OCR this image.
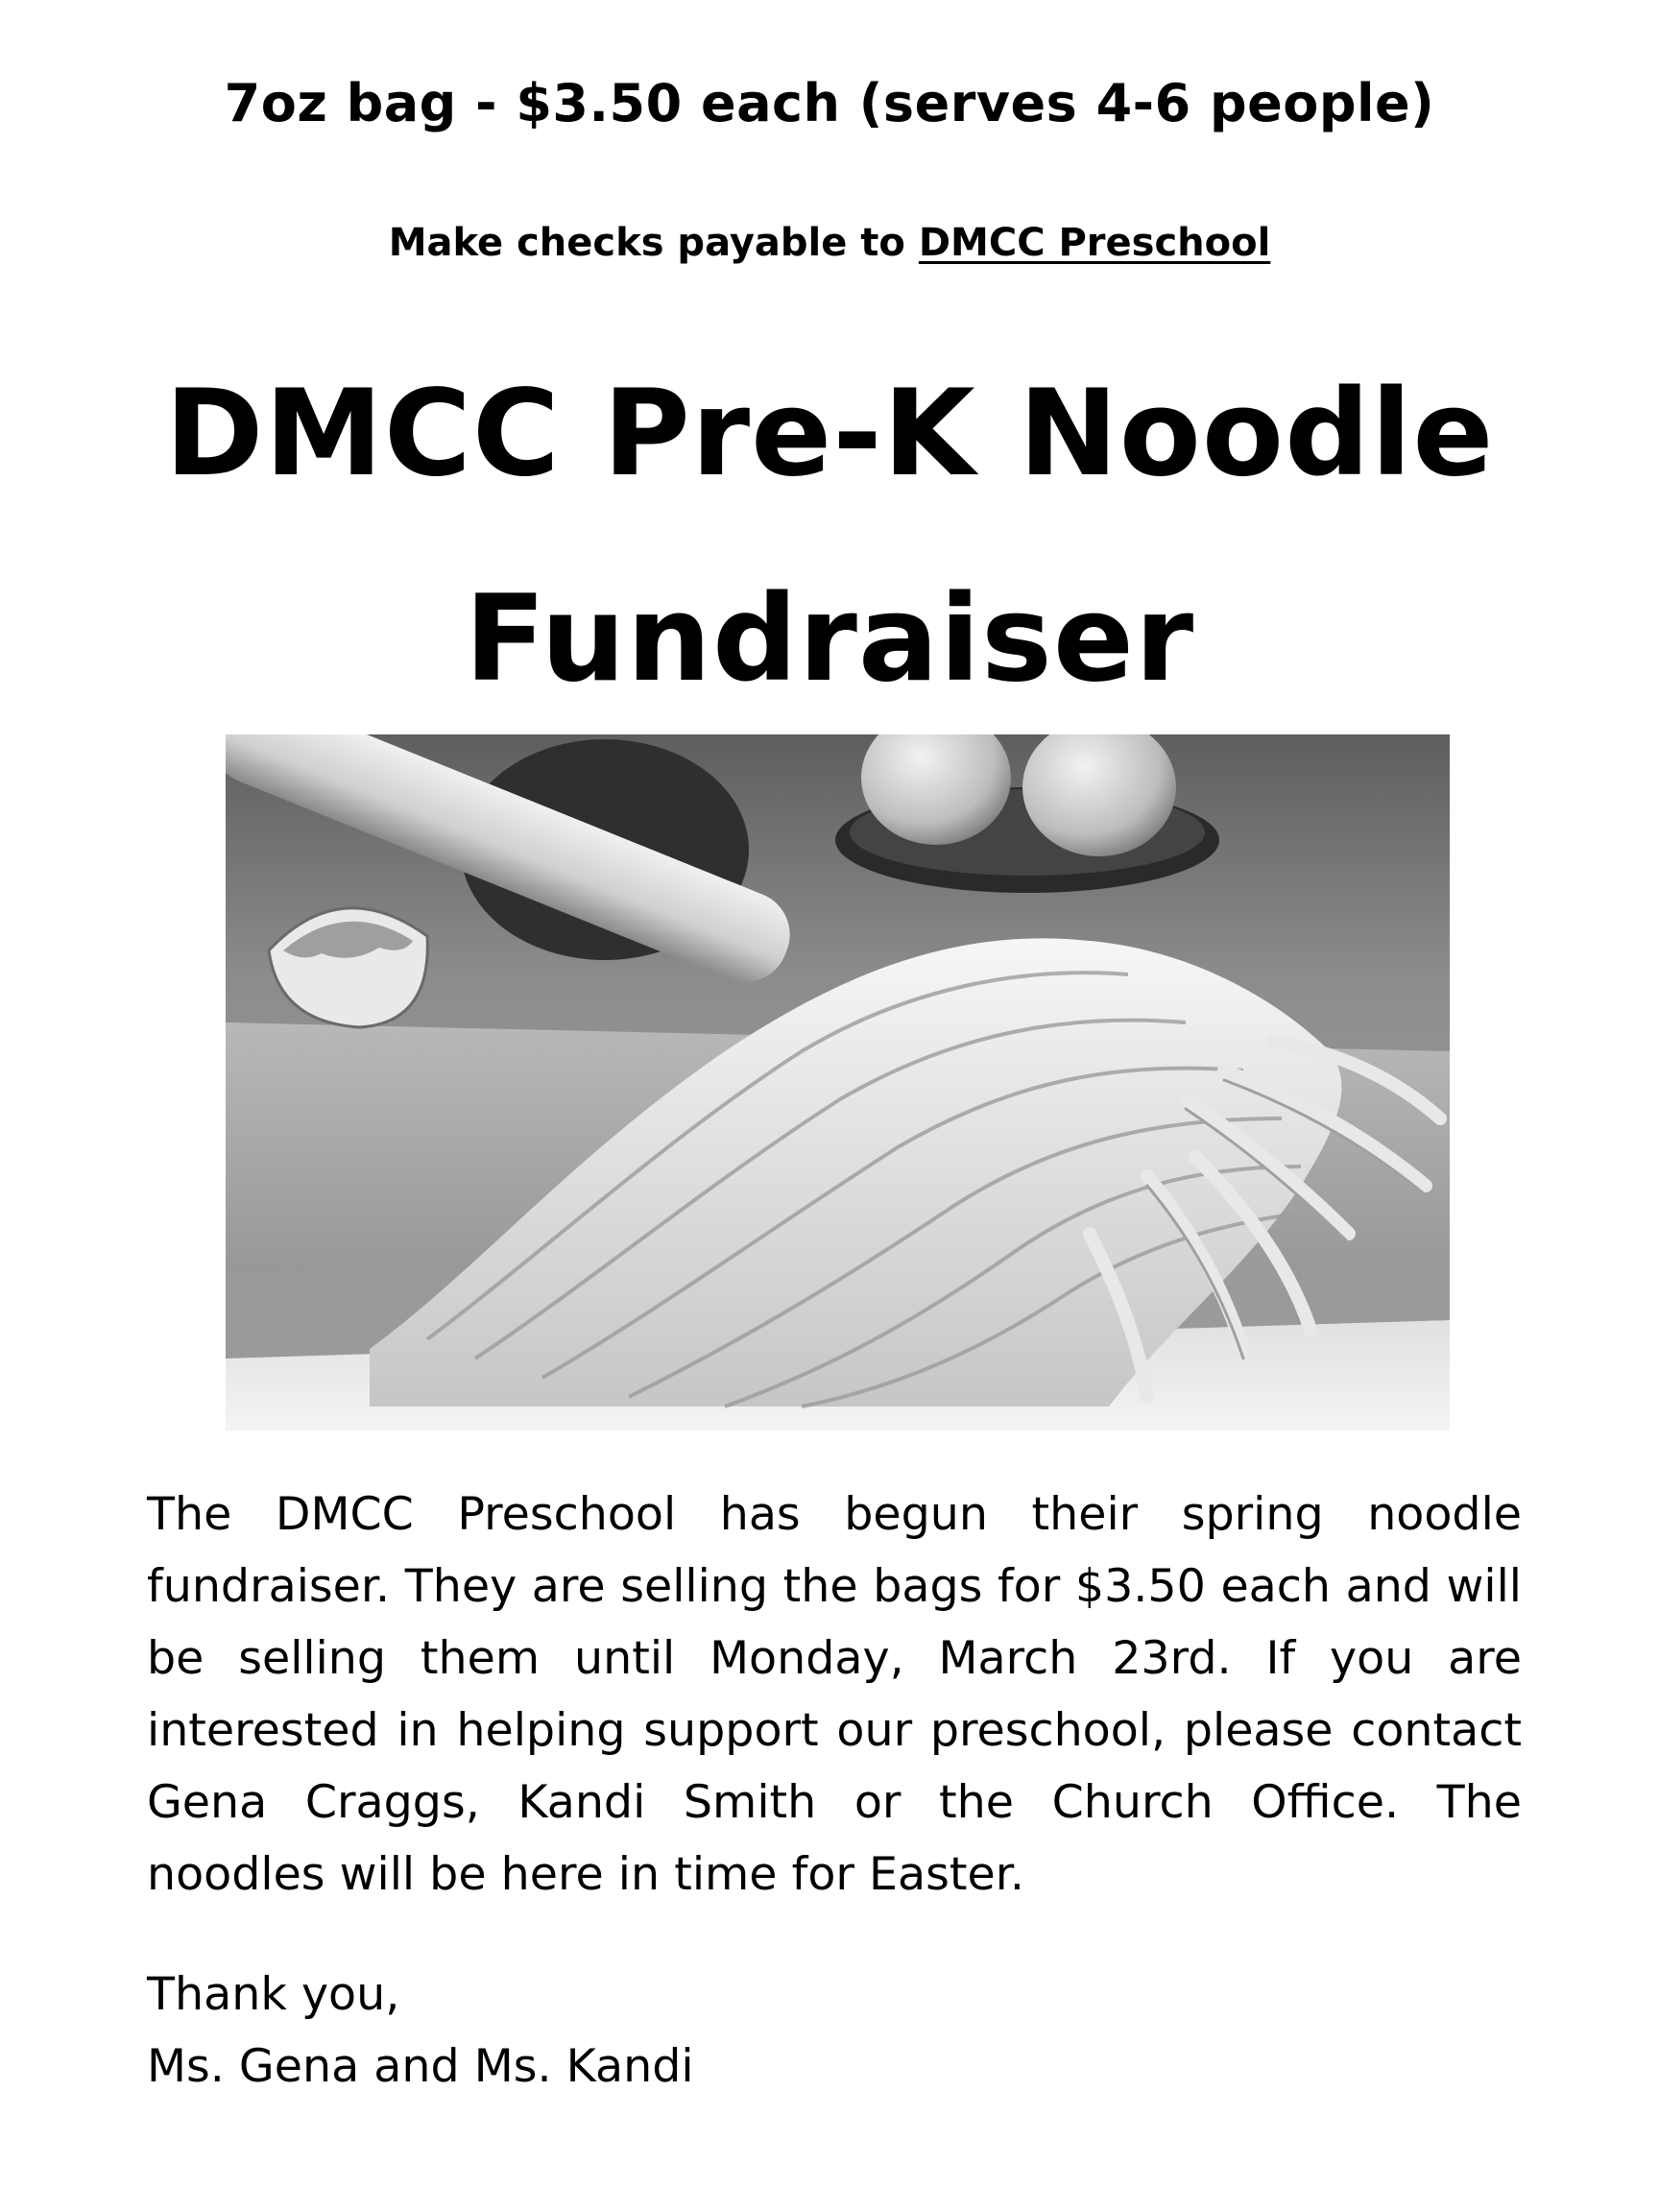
7oz bag - $3.50 each (serves 4-6 people)
Make checks payable to DMCC Preschool
DMCC Pre-K Noodle
Fundraiser
The DMCC Preschool has begun their spring noodle fundraiser. They are selling the bags for $3.50 each and will be selling them until Monday, March 23rd. If you are interested in helping support our preschool, please contact Gena Craggs, Kandi Smith or the Church Office. The noodles will be here in time for Easter.
Thank you,
Ms. Gena and Ms. Kandi
